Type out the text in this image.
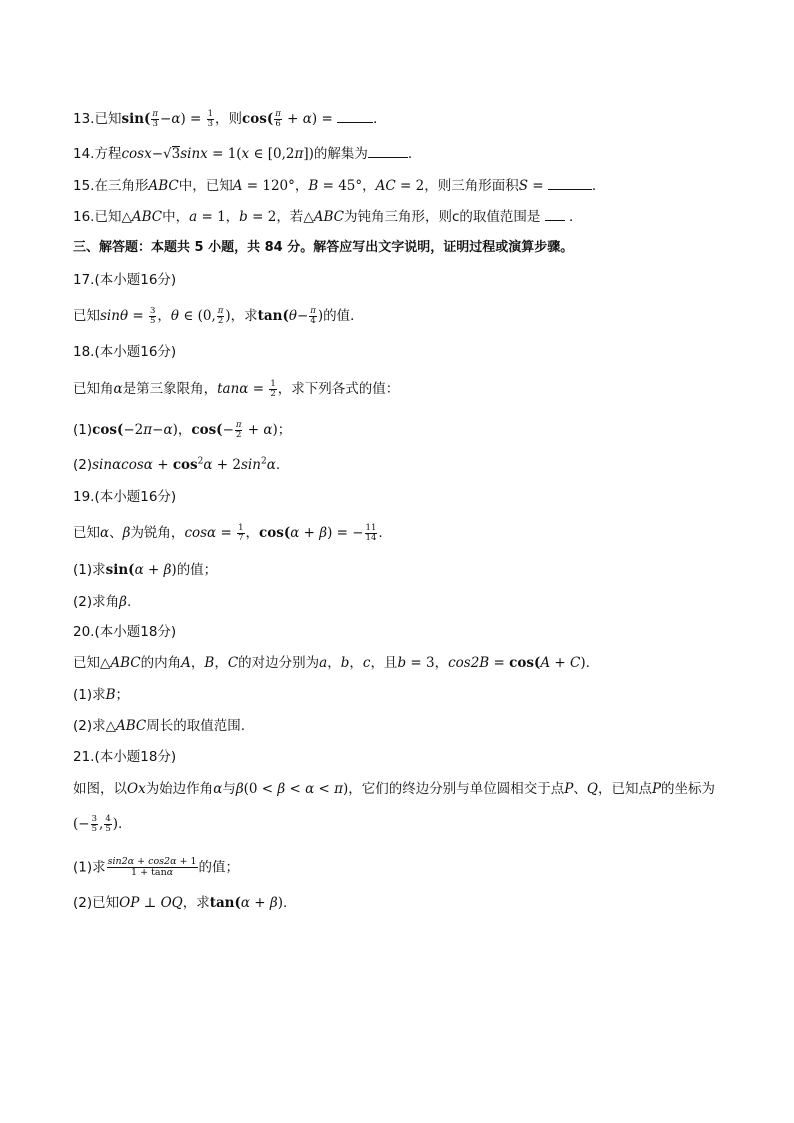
13.已知$\sin( \frac{\pi}{3} -\alpha) = \frac{1}{3}$ ，则$\cos( \frac{\pi}{6} + \alpha)$ =	．
14.方程cosx−√3sinx = 1(x ∈ [0,2π])的解集为	．
15.在三角形ABC中，已知A = 120°，B = 45°，AC = 2，则三角形面积S =	．
16.已知△ABC中，a = 1，b = 2，若△ABC为钝角三角形，则c的取值范围是 ．
三、解答题：本题共 5 小题，共 84 分。解答应写出文字说明，证明过程或演算步骤。
17.(本小题16分)
已知$\sin\theta = \frac{3}{5}$ ，θ ∈ (0, $\frac{\pi}{2}$ )，求$\tan(\theta- \frac{\pi}{4}$ )的值．
18.(本小题16分)
已知角α是第三象限角，$\tan\alpha = \frac{1}{2}$ ，求下列各式的值：
(1)cos(−2π−α)，$\cos(- \frac{\pi}{2} + \alpha)$；
$(2)\sin\alpha\cos\alpha + \cos^2\alpha + 2\sin^2\alpha$.
19.(本小题16分)
已知α、β为锐角，$\cos\alpha = \frac{1}{7}$ ，cos(α + β) = − $\frac{11}{14}$ .
(1)求sin(α + β)的值；
(2)求角β.
20.(本小题18分)
已知△ABC的内角A，B，C的对边分别为a，b，c，且b = 3，cos2B = cos(A + C).
(1)求B；
(2)求△ABC周长的取值范围.
21.(本小题18分)
如图，以Ox为始边作角α与β(0 < β < α < π)，它们的终边分别与单位圆相交于点P、Q，已知点P的坐标为
(− $\frac{3}{5}$ , $\frac{4}{5}$ ).
(1)求 $\frac{\sin 2\alpha + \cos 2\alpha + 1}{1 + \tan\alpha}$ 的值；
(2)已知OP ⊥ OQ，求tan(α + β).
